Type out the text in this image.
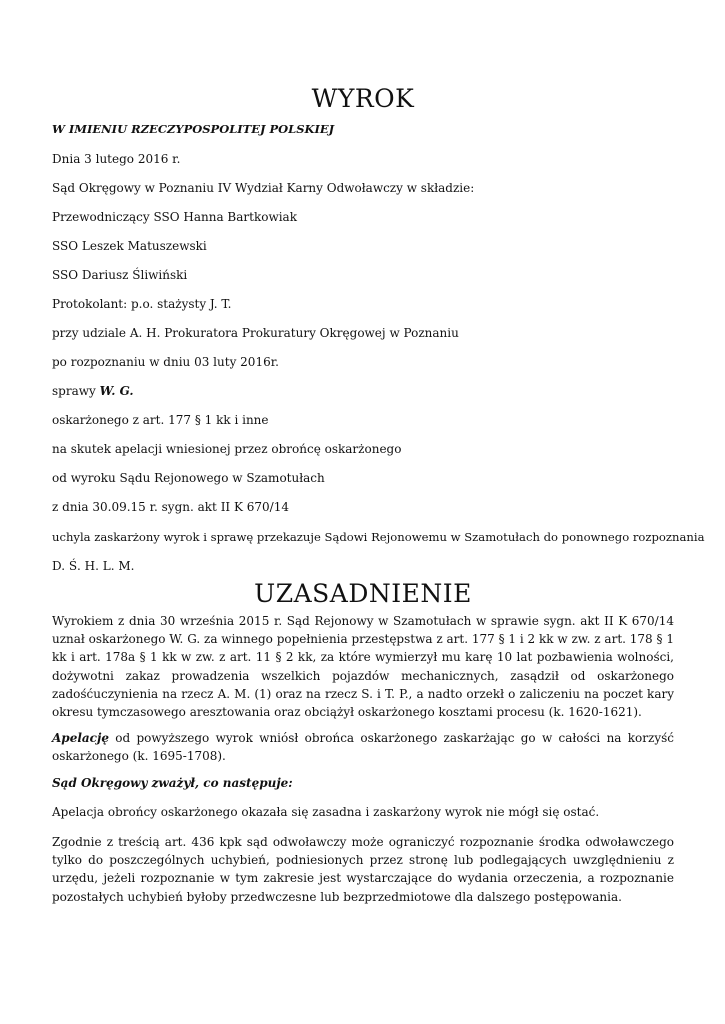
WYROK
W IMIENIU RZECZYPOSPOLITEJ POLSKIEJ
Dnia 3 lutego 2016 r.
Sąd Okręgowy w Poznaniu IV Wydział Karny Odwoławczy w składzie:
Przewodniczący SSO Hanna Bartkowiak
SSO Leszek Matuszewski
SSO Dariusz Śliwiński
Protokolant: p.o. stażysty J. T.
przy udziale A. H. Prokuratora Prokuratury Okręgowej w Poznaniu
po rozpoznaniu w dniu 03 luty 2016r.
sprawy W. G.
oskarżonego z art. 177 § 1 kk i inne
na skutek apelacji wniesionej przez obrońcę oskarżonego
od wyroku Sądu Rejonowego w Szamotułach
z dnia 30.09.15 r. sygn. akt II K 670/14
uchyla zaskarżony wyrok i sprawę przekazuje Sądowi Rejonowemu w Szamotułach do ponownego rozpoznania
D. Ś. H. L. M.
UZASADNIENIE

Wyrokiem z dnia 30 września 2015 r. Sąd Rejonowy w Szamotułach w sprawie sygn. akt II K 670/14 uznał oskarżonego W. G. za winnego popełnienia przestępstwa z art. 177 § 1 i 2 kk w zw. z art. 178 § 1 kk i art. 178a § 1 kk w zw. z art. 11 § 2 kk, za które wymierzył mu karę 10 lat pozbawienia wolności, dożywotni zakaz prowadzenia wszelkich pojazdów mechanicznych, zasądził od oskarżonego zadośćuczynienia na rzecz A. M. (1) oraz na rzecz S. i T. P., a nadto orzekł o zaliczeniu na poczet kary okresu tymczasowego aresztowania oraz obciążył oskarżonego kosztami procesu (k. 1620-1621).

Apelację od powyższego wyrok wniósł obrońca oskarżonego zaskarżając go w całości na korzyść oskarżonego (k. 1695-1708).

Sąd Okręgowy zważył, co następuje:

Apelacja obrońcy oskarżonego okazała się zasadna i zaskarżony wyrok nie mógł się ostać.

Zgodnie z treścią art. 436 kpk sąd odwoławczy może ograniczyć rozpoznanie środka odwoławczego tylko do poszczególnych uchybień, podniesionych przez stronę lub podlegających uwzględnieniu z urzędu, jeżeli rozpoznanie w tym zakresie jest wystarczające do wydania orzeczenia, a rozpoznanie pozostałych uchybień byłoby przedwczesne lub bezprzedmiotowe dla dalszego postępowania.
